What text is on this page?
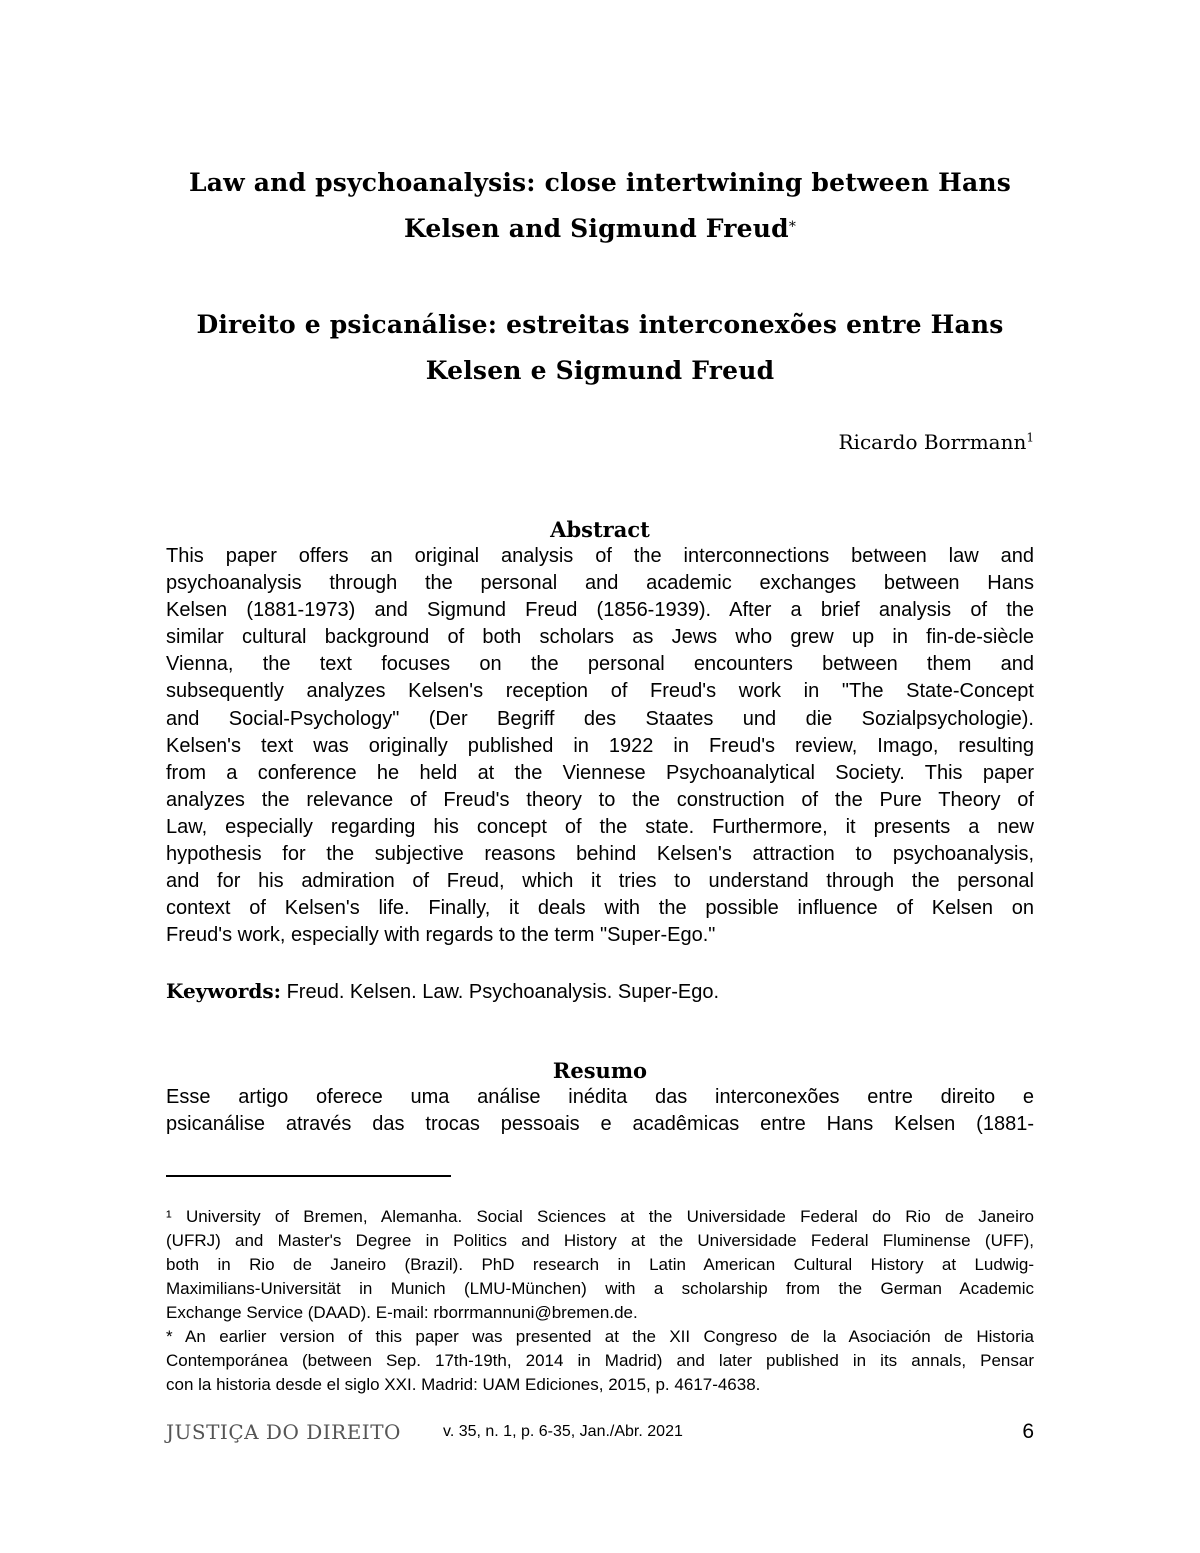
Law and psychoanalysis: close intertwining between Hans
Kelsen and Sigmund Freud*
Direito e psicanálise: estreitas interconexões entre Hans
Kelsen e Sigmund Freud
Ricardo Borrmann$^1$
Abstract
This paper offers an original analysis of the interconnections between law and
psychoanalysis through the personal and academic exchanges between Hans
Kelsen (1881-1973) and Sigmund Freud (1856-1939). After a brief analysis of the
similar cultural background of both scholars as Jews who grew up in fin-de-siècle
Vienna, the text focuses on the personal encounters between them and
subsequently analyzes Kelsen's reception of Freud's work in "The State-Concept
and Social-Psychology" (Der Begriff des Staates und die Sozialpsychologie).
Kelsen's text was originally published in 1922 in Freud's review, Imago, resulting
from a conference he held at the Viennese Psychoanalytical Society. This paper
analyzes the relevance of Freud's theory to the construction of the Pure Theory of
Law, especially regarding his concept of the state. Furthermore, it presents a new
hypothesis for the subjective reasons behind Kelsen's attraction to psychoanalysis,
and for his admiration of Freud, which it tries to understand through the personal
context of Kelsen's life. Finally, it deals with the possible influence of Kelsen on
Freud's work, especially with regards to the term "Super-Ego."
Keywords: Freud. Kelsen. Law. Psychoanalysis. Super-Ego.
Resumo
Esse artigo oferece uma análise inédita das interconexões entre direito e
psicanálise através das trocas pessoais e acadêmicas entre Hans Kelsen (1881-
¹ University of Bremen, Alemanha. Social Sciences at the Universidade Federal do Rio de Janeiro
(UFRJ) and Master's Degree in Politics and History at the Universidade Federal Fluminense (UFF),
both in Rio de Janeiro (Brazil). PhD research in Latin American Cultural History at Ludwig-
Maximilians-Universität in Munich (LMU-München) with a scholarship from the German Academic
Exchange Service (DAAD). E-mail: rborrmannuni@bremen.de.
* An earlier version of this paper was presented at the XII Congreso de la Asociación de Historia
Contemporánea (between Sep. 17th-19th, 2014 in Madrid) and later published in its annals, Pensar
con la historia desde el siglo XXI. Madrid: UAM Ediciones, 2015, p. 4617-4638.
JUSTIÇA DO DIREITO	v. 35, n. 1, p. 6-35, Jan./Abr. 2021	6
